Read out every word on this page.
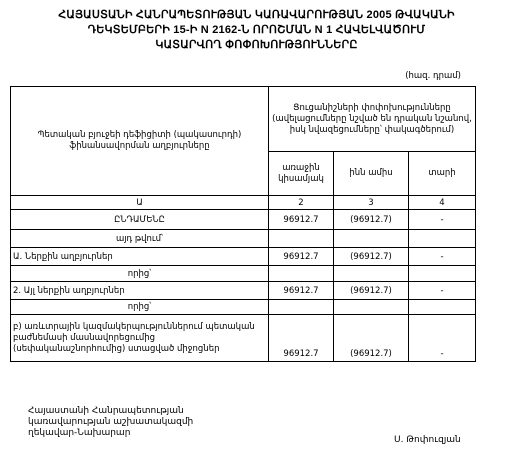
ՀԱՅԱՍՏԱՆԻ ՀԱՆՐԱՊԵՏՈՒԹՅԱՆ ԿԱՌԱՎԱՐՈՒԹՅԱՆ 2005 ԹՎԱԿԱՆԻ
ԴԵԿՏԵՄԲԵՐԻ 15-Ի N 2162-Ն ՈՐՈՇՄԱՆ N 1 ՀԱՎԵԼՎԱԾՈՒՄ
ԿԱՏԱՐՎՈՂ ՓՈՓՈԽՈՒԹՅՈՒՆՆԵՐԸ
(հազ. դրամ)
Պետական բյուջեի դեֆիցիտի (պակասուրդի) ֆինանսավորման աղբյուրները	Ցուցանիշների փոփոխությունները (ավելացումները նշված են դրական նշանով, իսկ նվազեցումները՝ փակագծերում)		
	առաջին կիսամյակ	ինն ամիս	տարի
Ա	2	3	4
ԸՆԴԱՄԵՆԸ	96912.7	(96912.7)	-
այդ թվում՝			
Ա. Ներքին աղբյուրներ	96912.7	(96912.7)	-
որից՝			
2. Այլ ներքին աղբյուրներ	96912.7	(96912.7)	-
որից՝			
բ) առևտրային կազմակերպություններում պետական բաժնեմասի մասնավորեցումից (սեփականաշնորհումից) ստացված միջոցներ	96912.7	(96912.7)	-
Հայաստանի Հանրապետության
կառավարության աշխատակազմի
ղեկավար-Նախարար
Ս. Թոփուզյան
